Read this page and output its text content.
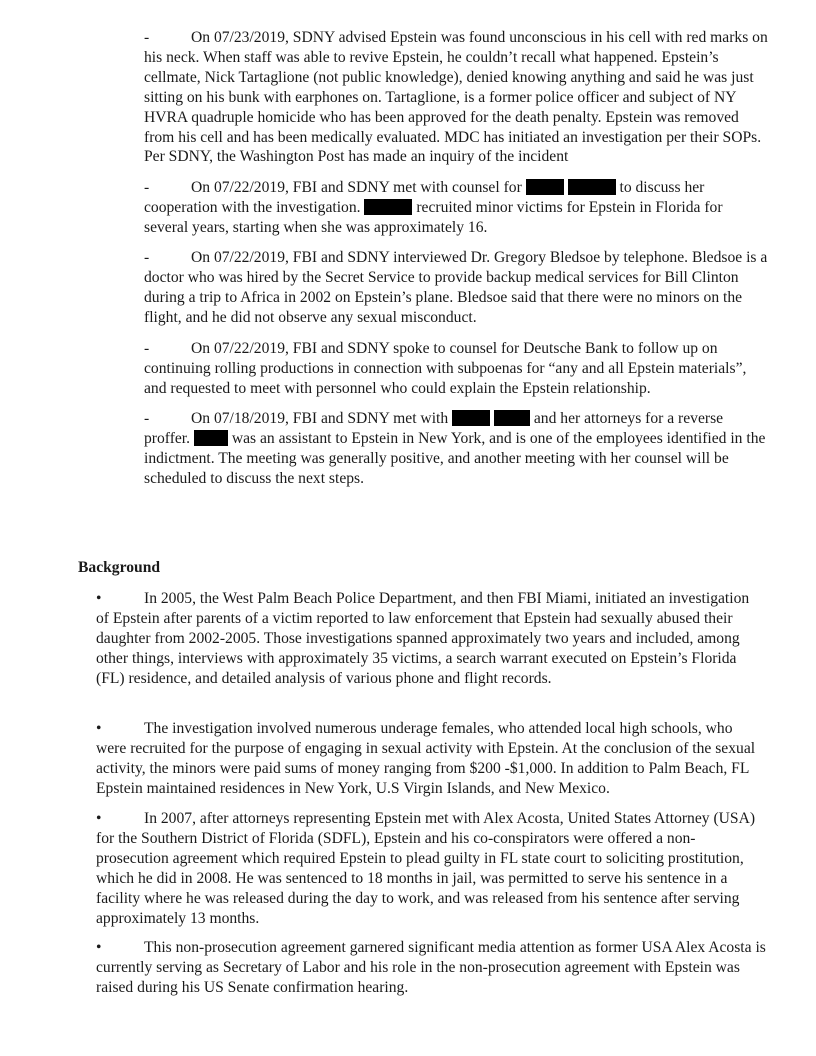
-	On 07/23/2019, SDNY advised Epstein was found unconscious in his cell with red marks on his neck. When staff was able to revive Epstein, he couldn’t recall what happened. Epstein’s cellmate, Nick Tartaglione (not public knowledge), denied knowing anything and said he was just sitting on his bunk with earphones on. Tartaglione, is a former police officer and subject of NY HVRA quadruple homicide who has been approved for the death penalty. Epstein was removed from his cell and has been medically evaluated. MDC has initiated an investigation per their SOPs. Per SDNY, the Washington Post has made an inquiry of the incident

-	On 07/22/2019, FBI and SDNY met with counsel for	to discuss her cooperation with the investigation.	recruited minor victims for Epstein in Florida for several years, starting when she was approximately 16.

-	On 07/22/2019, FBI and SDNY interviewed Dr. Gregory Bledsoe by telephone. Bledsoe is a doctor who was hired by the Secret Service to provide backup medical services for Bill Clinton during a trip to Africa in 2002 on Epstein’s plane. Bledsoe said that there were no minors on the flight, and he did not observe any sexual misconduct.

-	On 07/22/2019, FBI and SDNY spoke to counsel for Deutsche Bank to follow up on continuing rolling productions in connection with subpoenas for “any and all Epstein materials”, and requested to meet with personnel who could explain the Epstein relationship.

-	On 07/18/2019, FBI and SDNY met with	and her attorneys for a reverse proffer.	was an assistant to Epstein in New York, and is one of the employees identified in the indictment. The meeting was generally positive, and another meeting with her counsel will be scheduled to discuss the next steps.

Background

•	In 2005, the West Palm Beach Police Department, and then FBI Miami, initiated an investigation of Epstein after parents of a victim reported to law enforcement that Epstein had sexually abused their daughter from 2002-2005. Those investigations spanned approximately two years and included, among other things, interviews with approximately 35 victims, a search warrant executed on Epstein’s Florida (FL) residence, and detailed analysis of various phone and flight records.

•	The investigation involved numerous underage females, who attended local high schools, who were recruited for the purpose of engaging in sexual activity with Epstein. At the conclusion of the sexual activity, the minors were paid sums of money ranging from $200 -$1,000. In addition to Palm Beach, FL Epstein maintained residences in New York, U.S Virgin Islands, and New Mexico.

•	In 2007, after attorneys representing Epstein met with Alex Acosta, United States Attorney (USA) for the Southern District of Florida (SDFL), Epstein and his co-conspirators were offered a non-prosecution agreement which required Epstein to plead guilty in FL state court to soliciting prostitution, which he did in 2008. He was sentenced to 18 months in jail, was permitted to serve his sentence in a facility where he was released during the day to work, and was released from his sentence after serving approximately 13 months.

•	This non-prosecution agreement garnered significant media attention as former USA Alex Acosta is currently serving as Secretary of Labor and his role in the non-prosecution agreement with Epstein was raised during his US Senate confirmation hearing.
